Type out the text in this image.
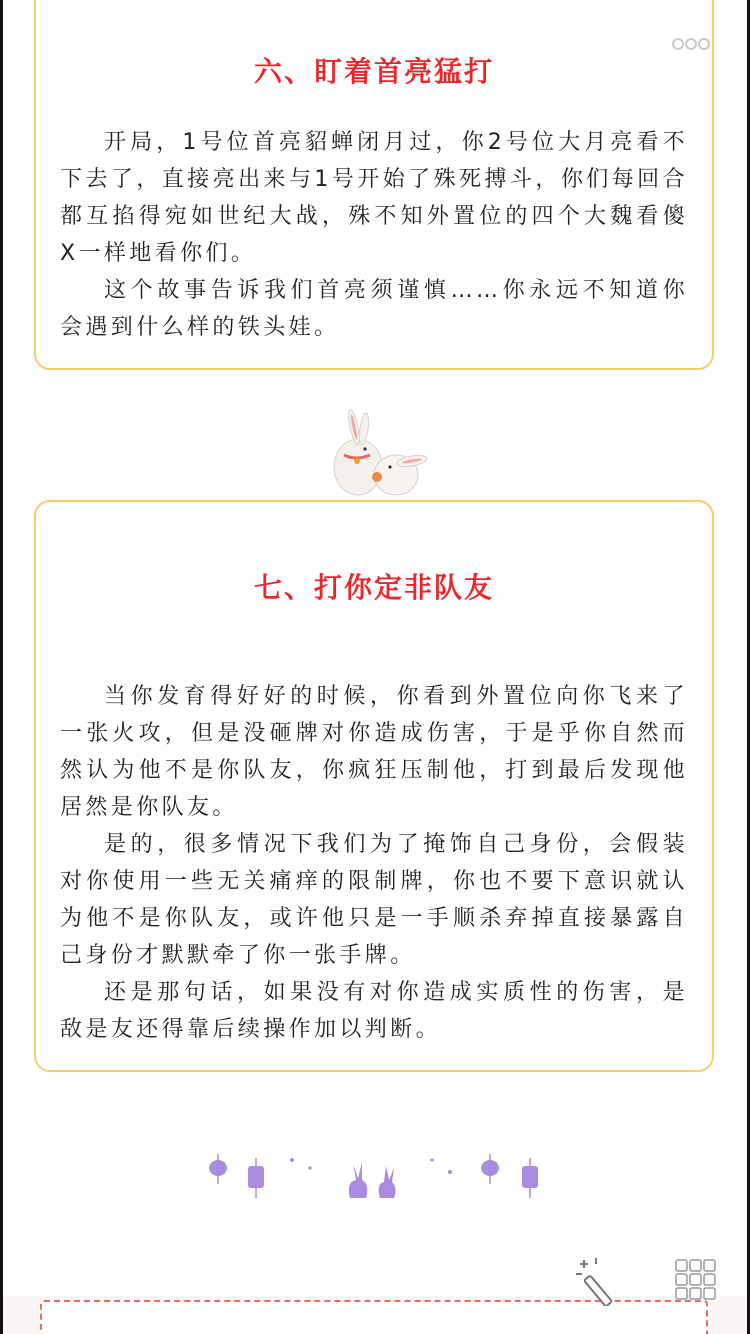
六、盯着首亮猛打

开局，1号位首亮貂蝉闭月过，你2号位大月亮看不下去了，直接亮出来与1号开始了殊死搏斗，你们每回合都互掐得宛如世纪大战，殊不知外置位的四个大魏看傻X一样地看你们。

这个故事告诉我们首亮须谨慎……你永远不知道你会遇到什么样的铁头娃。

七、打你定非队友

当你发育得好好的时候，你看到外置位向你飞来了一张火攻，但是没砸牌对你造成伤害，于是乎你自然而然认为他不是你队友，你疯狂压制他，打到最后发现他居然是你队友。

是的，很多情况下我们为了掩饰自己身份，会假装对你使用一些无关痛痒的限制牌，你也不要下意识就认为他不是你队友，或许他只是一手顺杀弃掉直接暴露自己身份才默默牵了你一张手牌。

还是那句话，如果没有对你造成实质性的伤害，是敌是友还得靠后续操作加以判断。
